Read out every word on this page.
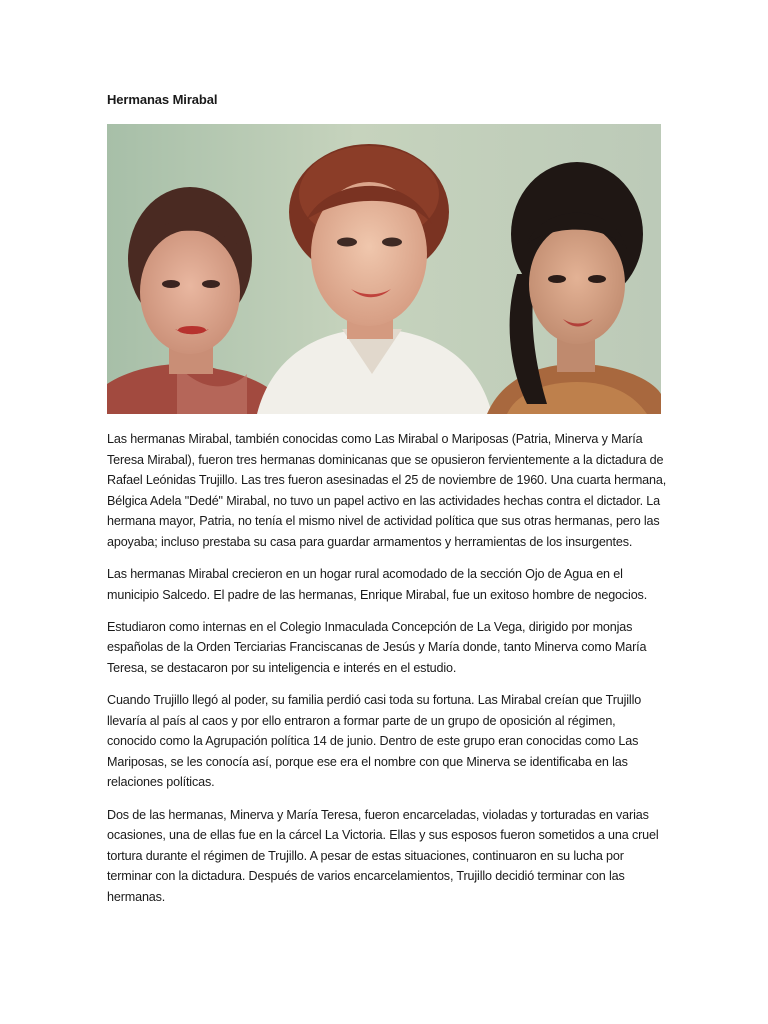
Hermanas Mirabal

Las hermanas Mirabal, también conocidas como Las Mirabal o Mariposas (Patria, Minerva y María Teresa Mirabal), fueron tres hermanas dominicanas que se opusieron fervientemente a la dictadura de Rafael Leónidas Trujillo. Las tres fueron asesinadas el 25 de noviembre de 1960. Una cuarta hermana, Bélgica Adela "Dedé" Mirabal, no tuvo un papel activo en las actividades hechas contra el dictador. La hermana mayor, Patria, no tenía el mismo nivel de actividad política que sus otras hermanas, pero las apoyaba; incluso prestaba su casa para guardar armamentos y herramientas de los insurgentes.

Las hermanas Mirabal crecieron en un hogar rural acomodado de la sección Ojo de Agua en el municipio Salcedo. El padre de las hermanas, Enrique Mirabal, fue un exitoso hombre de negocios.

Estudiaron como internas en el Colegio Inmaculada Concepción de La Vega, dirigido por monjas españolas de la Orden Terciarias Franciscanas de Jesús y María donde, tanto Minerva como María Teresa, se destacaron por su inteligencia e interés en el estudio.

Cuando Trujillo llegó al poder, su familia perdió casi toda su fortuna. Las Mirabal creían que Trujillo llevaría al país al caos y por ello entraron a formar parte de un grupo de oposición al régimen, conocido como la Agrupación política 14 de junio. Dentro de este grupo eran conocidas como Las Mariposas, se les conocía así, porque ese era el nombre con que Minerva se identificaba en las relaciones políticas.

Dos de las hermanas, Minerva y María Teresa, fueron encarceladas, violadas y torturadas en varias ocasiones, una de ellas fue en la cárcel La Victoria. Ellas y sus esposos fueron sometidos a una cruel tortura durante el régimen de Trujillo. A pesar de estas situaciones, continuaron en su lucha por terminar con la dictadura. Después de varios encarcelamientos, Trujillo decidió terminar con las hermanas.
